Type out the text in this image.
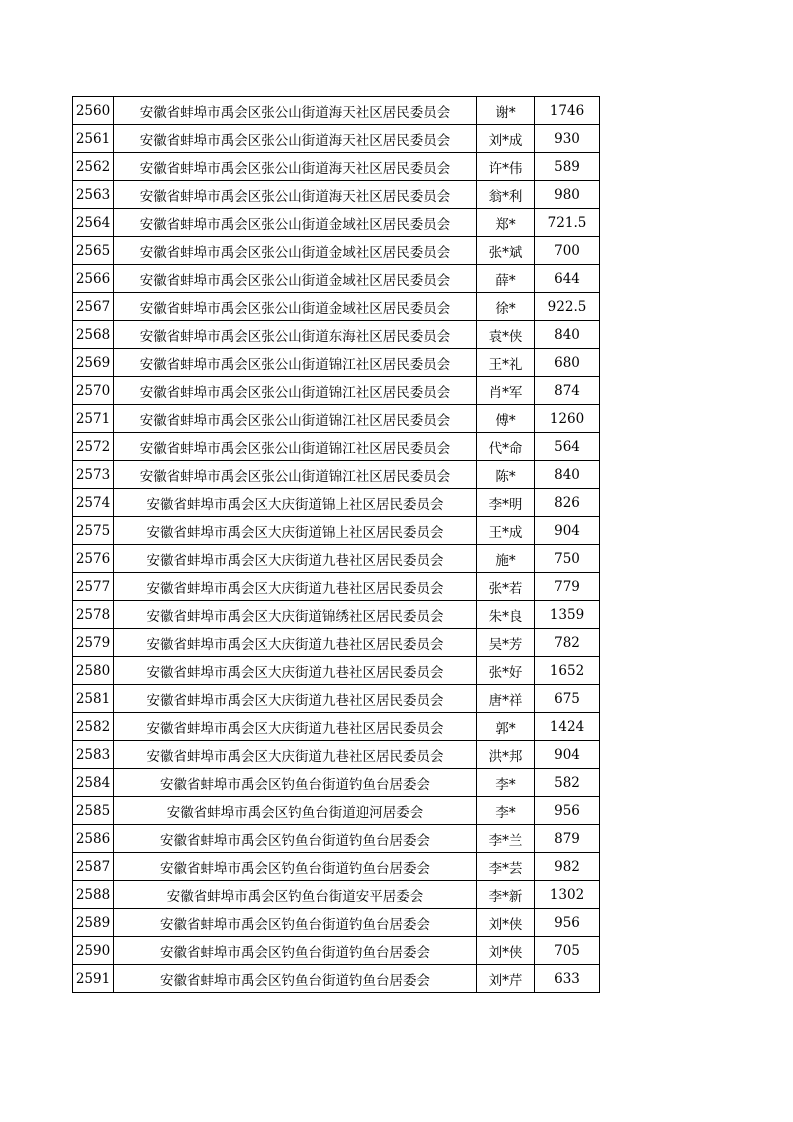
2560	安徽省蚌埠市禹会区张公山街道海天社区居民委员会	谢*	1746
2561	安徽省蚌埠市禹会区张公山街道海天社区居民委员会	刘*成	930
2562	安徽省蚌埠市禹会区张公山街道海天社区居民委员会	许*伟	589
2563	安徽省蚌埠市禹会区张公山街道海天社区居民委员会	翁*利	980
2564	安徽省蚌埠市禹会区张公山街道金域社区居民委员会	郑*	721.5
2565	安徽省蚌埠市禹会区张公山街道金域社区居民委员会	张*斌	700
2566	安徽省蚌埠市禹会区张公山街道金域社区居民委员会	薛*	644
2567	安徽省蚌埠市禹会区张公山街道金域社区居民委员会	徐*	922.5
2568	安徽省蚌埠市禹会区张公山街道东海社区居民委员会	袁*侠	840
2569	安徽省蚌埠市禹会区张公山街道锦江社区居民委员会	王*礼	680
2570	安徽省蚌埠市禹会区张公山街道锦江社区居民委员会	肖*军	874
2571	安徽省蚌埠市禹会区张公山街道锦江社区居民委员会	傅*	1260
2572	安徽省蚌埠市禹会区张公山街道锦江社区居民委员会	代*命	564
2573	安徽省蚌埠市禹会区张公山街道锦江社区居民委员会	陈*	840
2574	安徽省蚌埠市禹会区大庆街道锦上社区居民委员会	李*明	826
2575	安徽省蚌埠市禹会区大庆街道锦上社区居民委员会	王*成	904
2576	安徽省蚌埠市禹会区大庆街道九巷社区居民委员会	施*	750
2577	安徽省蚌埠市禹会区大庆街道九巷社区居民委员会	张*若	779
2578	安徽省蚌埠市禹会区大庆街道锦绣社区居民委员会	朱*良	1359
2579	安徽省蚌埠市禹会区大庆街道九巷社区居民委员会	吴*芳	782
2580	安徽省蚌埠市禹会区大庆街道九巷社区居民委员会	张*好	1652
2581	安徽省蚌埠市禹会区大庆街道九巷社区居民委员会	唐*祥	675
2582	安徽省蚌埠市禹会区大庆街道九巷社区居民委员会	郭*	1424
2583	安徽省蚌埠市禹会区大庆街道九巷社区居民委员会	洪*邦	904
2584	安徽省蚌埠市禹会区钓鱼台街道钓鱼台居委会	李*	582
2585	安徽省蚌埠市禹会区钓鱼台街道迎河居委会	李*	956
2586	安徽省蚌埠市禹会区钓鱼台街道钓鱼台居委会	李*兰	879
2587	安徽省蚌埠市禹会区钓鱼台街道钓鱼台居委会	李*芸	982
2588	安徽省蚌埠市禹会区钓鱼台街道安平居委会	李*新	1302
2589	安徽省蚌埠市禹会区钓鱼台街道钓鱼台居委会	刘*侠	956
2590	安徽省蚌埠市禹会区钓鱼台街道钓鱼台居委会	刘*侠	705
2591	安徽省蚌埠市禹会区钓鱼台街道钓鱼台居委会	刘*芹	633
